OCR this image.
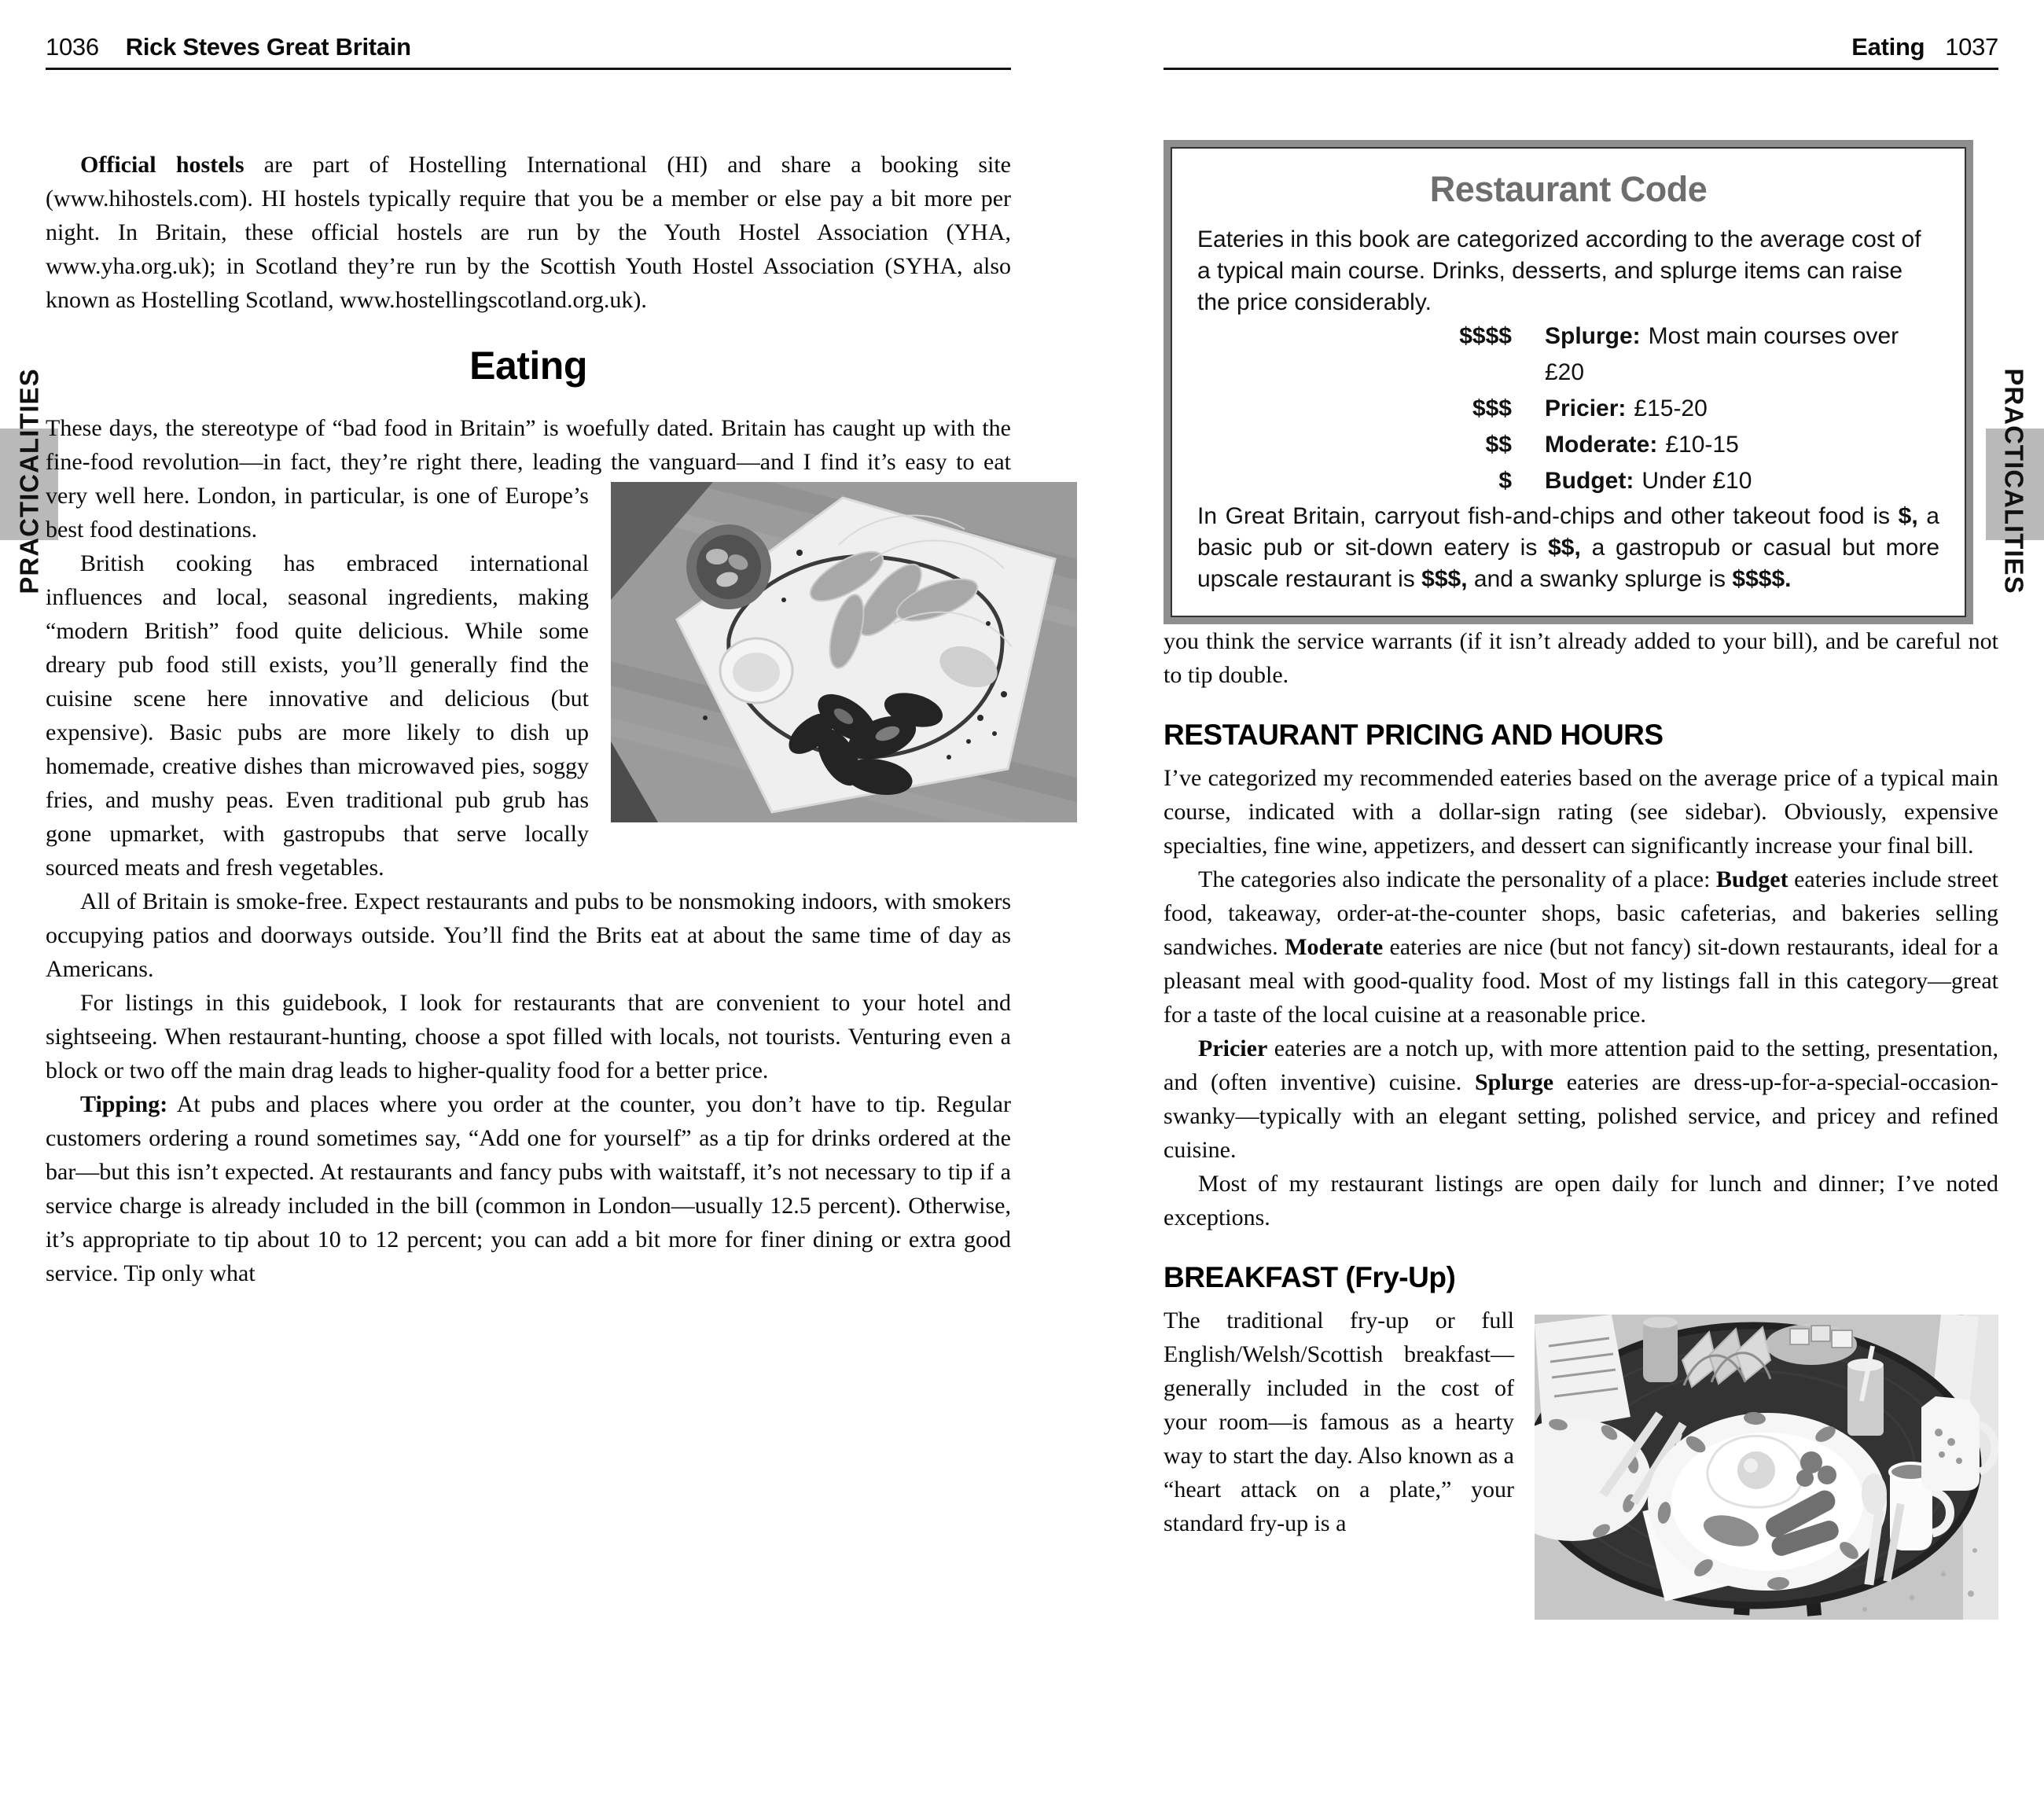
1036 Rick Steves Great Britain	Eating 1037
PRACTICALITIES	PRACTICALITIES

Official hostels are part of Hostelling International (HI) and share a booking site (www.hihostels.com). HI hostels typically require that you be a member or else pay a bit more per night. In Britain, these official hostels are run by the Youth Hostel Association (YHA, www.yha.org.uk); in Scotland they’re run by the Scottish Youth Hostel Association (SYHA, also known as Hostelling Scotland, www.hostellingscotland.org.uk).

Eating

These days, the stereotype of “bad food in Britain” is woefully dated. Britain has caught up with the fine-food revolution—in fact, they’re right there, leading the vanguard—and I find it’s easy to eat very well here. London, in particular, is one of Europe’s best food destinations.

British cooking has embraced international influences and local, seasonal ingredients, making “modern British” food quite delicious. While some dreary pub food still exists, you’ll generally find the cuisine scene here innovative and delicious (but expensive). Basic pubs are more likely to dish up homemade, creative dishes than microwaved pies, soggy fries, and mushy peas. Even traditional pub grub has gone upmarket, with gastropubs that serve locally sourced meats and fresh vegetables.

All of Britain is smoke-free. Expect restaurants and pubs to be nonsmoking indoors, with smokers occupying patios and doorways outside. You’ll find the Brits eat at about the same time of day as Americans.

For listings in this guidebook, I look for restaurants that are convenient to your hotel and sightseeing. When restaurant-hunting, choose a spot filled with locals, not tourists. Venturing even a block or two off the main drag leads to higher-quality food for a better price.

Tipping: At pubs and places where you order at the counter, you don’t have to tip. Regular customers ordering a round sometimes say, “Add one for yourself” as a tip for drinks ordered at the bar—but this isn’t expected. At restaurants and fancy pubs with waitstaff, it’s not necessary to tip if a service charge is already included in the bill (common in London—usually 12.5 percent). Otherwise, it’s appropriate to tip about 10 to 12 percent; you can add a bit more for finer dining or extra good service. Tip only what

Restaurant Code
Eateries in this book are categorized according to the average cost of a typical main course. Drinks, desserts, and splurge items can raise the price considerably.
$$$$ Splurge: Most main courses over £20
$$$ Pricier: £15-20
$$ Moderate: £10-15
$ Budget: Under £10
In Great Britain, carryout fish-and-chips and other takeout food is $, a basic pub or sit-down eatery is $$, a gastropub or casual but more upscale restaurant is $$$, and a swanky splurge is $$$$.

you think the service warrants (if it isn’t already added to your bill), and be careful not to tip double.

RESTAURANT PRICING AND HOURS

I’ve categorized my recommended eateries based on the average price of a typical main course, indicated with a dollar-sign rating (see sidebar). Obviously, expensive specialties, fine wine, appetizers, and dessert can significantly increase your final bill.

The categories also indicate the personality of a place: Budget eateries include street food, takeaway, order-at-the-counter shops, basic cafeterias, and bakeries selling sandwiches. Moderate eateries are nice (but not fancy) sit-down restaurants, ideal for a pleasant meal with good-quality food. Most of my listings fall in this category—great for a taste of the local cuisine at a reasonable price.

Pricier eateries are a notch up, with more attention paid to the setting, presentation, and (often inventive) cuisine. Splurge eateries are dress-up-for-a-special-occasion-swanky—typically with an elegant setting, polished service, and pricey and refined cuisine.

Most of my restaurant listings are open daily for lunch and dinner; I’ve noted exceptions.

BREAKFAST (Fry-Up)

The traditional fry-up or full English/Welsh/Scottish breakfast—generally included in the cost of your room—is famous as a hearty way to start the day. Also known as a “heart attack on a plate,” your standard fry-up is a
